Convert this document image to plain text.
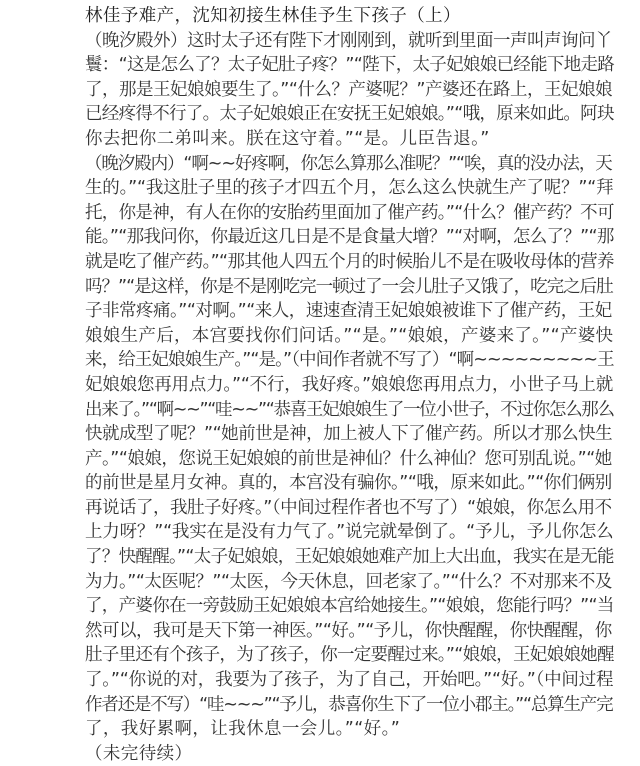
林佳予难产，沈知初接生林佳予生下孩子（上）
（晚汐殿外）这时太子还有陛下才刚刚到，就听到里面一声叫声询问丫
鬟：“这是怎么了？太子妃肚子疼？”“陛下，太子妃娘娘已经能下地走路
了，那是王妃娘娘要生了。”“什么？产婆呢？”产婆还在路上，王妃娘娘
已经疼得不行了。太子妃娘娘正在安抚王妃娘娘。”“哦，原来如此。阿玦
你去把你二弟叫来。朕在这守着。”“是。儿臣告退。”
（晚汐殿内）“啊~~好疼啊，你怎么算那么准呢？”“唉，真的没办法，天
生的。”“我这肚子里的孩子才四五个月，怎么这么快就生产了呢？”“拜
托，你是神，有人在你的安胎药里面加了催产药。”“什么？催产药？不可
能。”“那我问你，你最近这几日是不是食量大增？”“对啊，怎么了？”“那
就是吃了催产药。”“那其他人四五个月的时候胎儿不是在吸收母体的营养
吗？”“是这样，你是不是刚吃完一顿过了一会儿肚子又饿了，吃完之后肚
子非常疼痛。”“对啊。”“来人，速速查清王妃娘娘被谁下了催产药，王妃
娘娘生产后，本宫要找你们问话。”“是。”“娘娘，产婆来了。”“产婆快
来，给王妃娘娘生产。”“是。”（中间作者就不写了）“啊~~~~~~~~~王
妃娘娘您再用点力。”“不行，我好疼。”娘娘您再用点力，小世子马上就
出来了。”“啊~~”“哇~~”“恭喜王妃娘娘生了一位小世子，不过你怎么那么
快就成型了呢？”“她前世是神，加上被人下了催产药。所以才那么快生
产。”“娘娘，您说王妃娘娘的前世是神仙？什么神仙？您可别乱说。”“她
的前世是星月女神。真的，本宫没有骗你。”“哦，原来如此。”“你们俩别
再说话了，我肚子好疼。”（中间过程作者也不写了）“娘娘，你怎么用不
上力呀？”“我实在是没有力气了。”说完就晕倒了。“予儿，予儿你怎么
了？快醒醒。”“太子妃娘娘，王妃娘娘她难产加上大出血，我实在是无能
为力。”“太医呢？”“太医，今天休息，回老家了。”“什么？不对那来不及
了，产婆你在一旁鼓励王妃娘娘本宫给她接生。”“娘娘，您能行吗？”“当
然可以，我可是天下第一神医。”“好。”“予儿，你快醒醒，你快醒醒，你
肚子里还有个孩子，为了孩子，你一定要醒过来。”“娘娘，王妃娘娘她醒
了。”“你说的对，我要为了孩子，为了自己，开始吧。”“好。”（中间过程
作者还是不写）“哇~~~”“予儿，恭喜你生下了一位小郡主。”“总算生产完
了，我好累啊，让我休息一会儿。”“好。”
（未完待续）
